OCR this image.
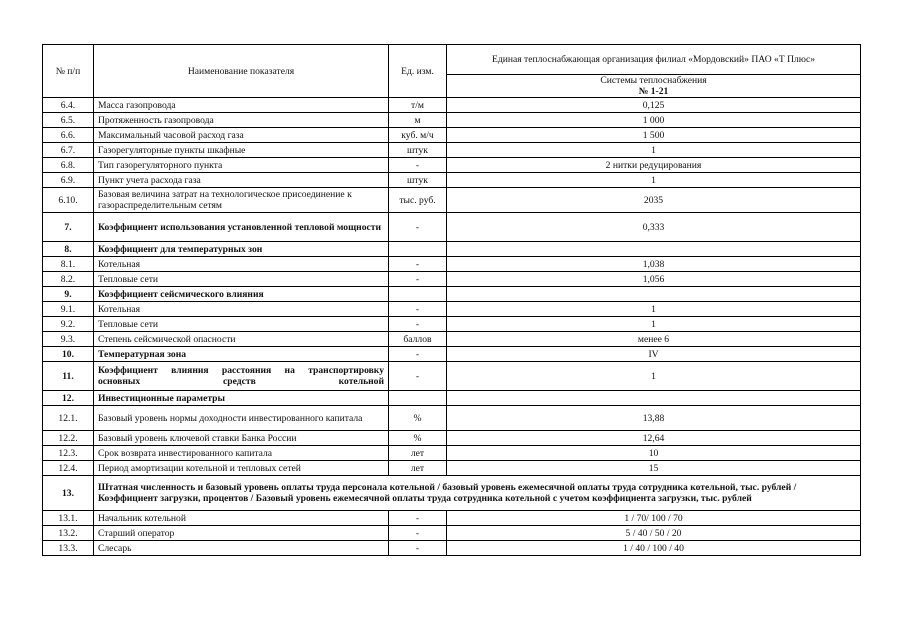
№ п/п	Наименование показателя	Ед. изм.	Единая теплоснабжающая организация филиал «Мордовский» ПАО «Т Плюс»

			Системы теплоснабжения
№ 1-21

6.4.	Масса газопровода	т/м	0,125
6.5.	Протяженность газопровода	м	1 000
6.6.	Максимальный часовой расход газа	куб. м/ч	1 500
6.7.	Газорегуляторные пункты шкафные	штук	1
6.8.	Тип газорегуляторного пункта	-	2 нитки редуцирования
6.9.	Пункт учета расхода газа	штук	1
6.10.	Базовая величина затрат на технологическое присоединение к газораспределительным сетям	тыс. руб.	2035
7.	Коэффициент использования установленной тепловой мощности	-	0,333
8.	Коэффициент для температурных зон		
8.1.	Котельная	-	1,038
8.2.	Тепловые сети	-	1,056
9.	Коэффициент сейсмического влияния		
9.1.	Котельная	-	1
9.2.	Тепловые сети	-	1
9.3.	Степень сейсмической опасности	баллов	менее 6
10.	Температурная зона	-	IV
11.	Коэффициент влияния расстояния на транспортировку основных средств котельной	-	1
12.	Инвестиционные параметры		
12.1.	Базовый уровень нормы доходности инвестированного капитала	%	13,88
12.2.	Базовый уровень ключевой ставки Банка России	%	12,64
12.3.	Срок возврата инвестированного капитала	лет	10
12.4.	Период амортизации котельной и тепловых сетей	лет	15
13.	Штатная численность и базовый уровень оплаты труда персонала котельной / базовый уровень ежемесячной оплаты труда сотрудника котельной, тыс. рублей / Коэффициент загрузки, процентов / Базовый уровень ежемесячной оплаты труда сотрудника котельной с учетом коэффициента загрузки, тыс. рублей		
13.1.	Начальник котельной	-	1 / 70/ 100 / 70
13.2.	Старший оператор	-	5 / 40 / 50 / 20
13.3.	Слесарь	-	1 / 40 / 100 / 40
